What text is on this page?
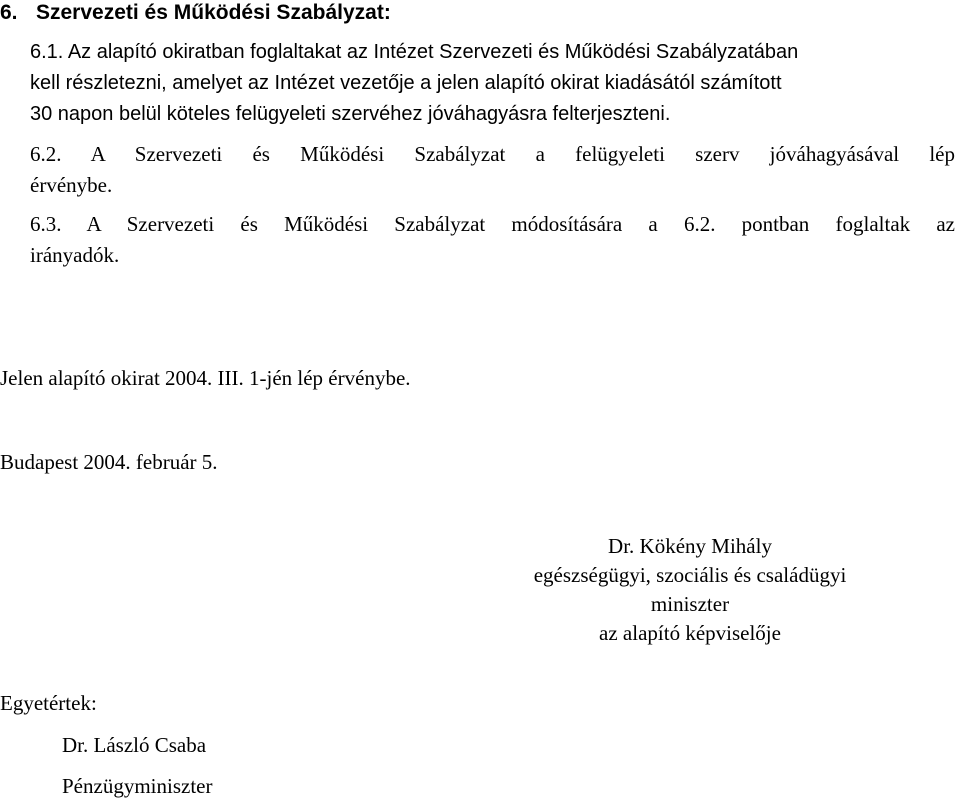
6. Szervezeti és Működési Szabályzat:
6.1. Az alapító okiratban foglaltakat az Intézet Szervezeti és Működési Szabályzatában
kell részletezni, amelyet az Intézet vezetője a jelen alapító okirat kiadásától számított
30 napon belül köteles felügyeleti szervéhez jóváhagyásra felterjeszteni.
6.2. A Szervezeti és Működési Szabályzat a felügyeleti szerv jóváhagyásával lép
érvénybe.
6.3. A Szervezeti és Működési Szabályzat módosítására a 6.2. pontban foglaltak az
irányadók.
Jelen alapító okirat 2004. III. 1-jén lép érvénybe.
Budapest 2004. február 5.
Dr. Kökény Mihály
egészségügyi, szociális és családügyi
miniszter
az alapító képviselője
Egyetértek:
Dr. László Csaba
Pénzügyminiszter
